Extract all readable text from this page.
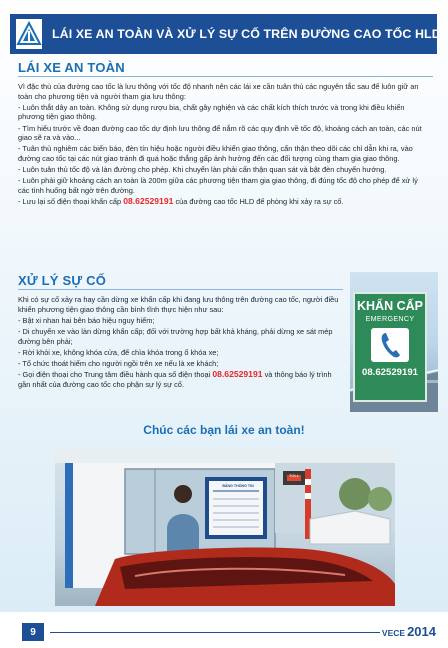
LÁI XE AN TOÀN VÀ XỬ LÝ SỰ CỐ TRÊN ĐƯỜNG CAO TỐC HLD
LÁI XE AN TOÀN

Vì đặc thù của đường cao tốc là lưu thông với tốc độ nhanh nên các lái xe cần tuân thủ các nguyên tắc sau để luôn giữ an toàn cho phương tiện và người tham gia lưu thông:

- Luôn thắt dây an toàn. Không sử dụng rượu bia, chất gây nghiện và các chất kích thích trước và trong khi điều khiển phương tiện giao thông.

- Tìm hiểu trước về đoạn đường cao tốc dự định lưu thông để nắm rõ các quy định về tốc độ, khoảng cách an toàn, các nút giao sẽ ra và vào...

- Tuân thủ nghiêm các biển báo, đèn tín hiệu hoặc người điều khiển giao thông, cẩn thận theo dõi các chỉ dẫn khi ra, vào đường cao tốc tại các nút giao tránh đi quá hoặc thắng gấp ảnh hưởng đến các đối tượng cùng tham gia giao thông.

- Luôn tuân thủ tốc độ và làn đường cho phép. Khi chuyển làn phải cẩn thận quan sát và bật đèn chuyển hướng.

- Luôn phải giữ khoảng cách an toàn là 200m giữa các phương tiện tham gia giao thông, đi đúng tốc độ cho phép để xử lý các tình huống bất ngờ trên đường.

- Lưu lại số điện thoại khẩn cấp 08.62529191 của đường cao tốc HLD để phòng khi xảy ra sự cố.

XỬ LÝ SỰ CỐ

Khi có sự cố xảy ra hay cần dừng xe khẩn cấp khi đang lưu thông trên đường cao tốc, người điều khiển phương tiện giao thông cần bình tĩnh thực hiện như sau:

- Bật xi nhan hai bên báo hiệu nguy hiểm;

- Di chuyển xe vào làn dừng khẩn cấp; đối với trường hợp bất khả kháng, phải dừng xe sát mép đường bên phải;

- Rời khỏi xe, không khóa cửa, để chìa khóa trong ổ khóa xe;

- Tổ chức thoát hiểm cho người ngồi trên xe nếu là xe khách;

- Gọi điện thoại cho Trung tâm điều hành qua số điện thoại 08.62529191 và thông báo lý trình gần nhất của đường cao tốc cho phận sự lý sự cố.

KHẨN CẤP
EMERGENCY
08.62529191
Chúc các bạn lái xe an toàn!
BẢNG THÔNG TIN
TOLL
9	VECE 2014
